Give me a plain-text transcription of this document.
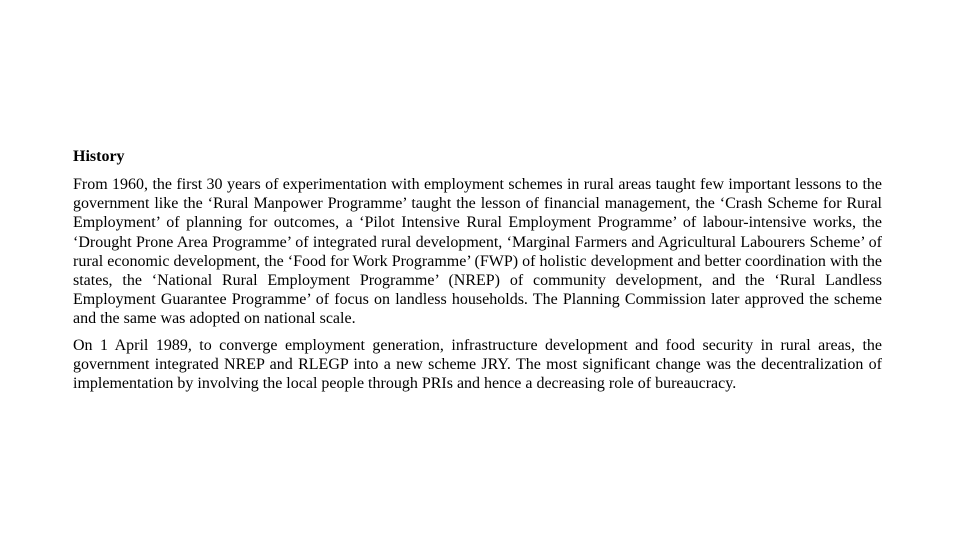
History

From 1960, the first 30 years of experimentation with employment schemes in rural areas taught few important lessons to the government like the ‘Rural Manpower Programme’ taught the lesson of financial management, the ‘Crash Scheme for Rural Employment’ of planning for outcomes, a ‘Pilot Intensive Rural Employment Programme’ of labour-intensive works, the ‘Drought Prone Area Programme’ of integrated rural development, ‘Marginal Farmers and Agricultural Labourers Scheme’ of rural economic development, the ‘Food for Work Programme’ (FWP) of holistic development and better coordination with the states, the ‘National Rural Employment Programme’ (NREP) of community development, and the ‘Rural Landless Employment Guarantee Programme’ of focus on landless households. The Planning Commission later approved the scheme and the same was adopted on national scale.

On 1 April 1989, to converge employment generation, infrastructure development and food security in rural areas, the government integrated NREP and RLEGP into a new scheme JRY. The most significant change was the decentralization of implementation by involving the local people through PRIs and hence a decreasing role of bureaucracy.
